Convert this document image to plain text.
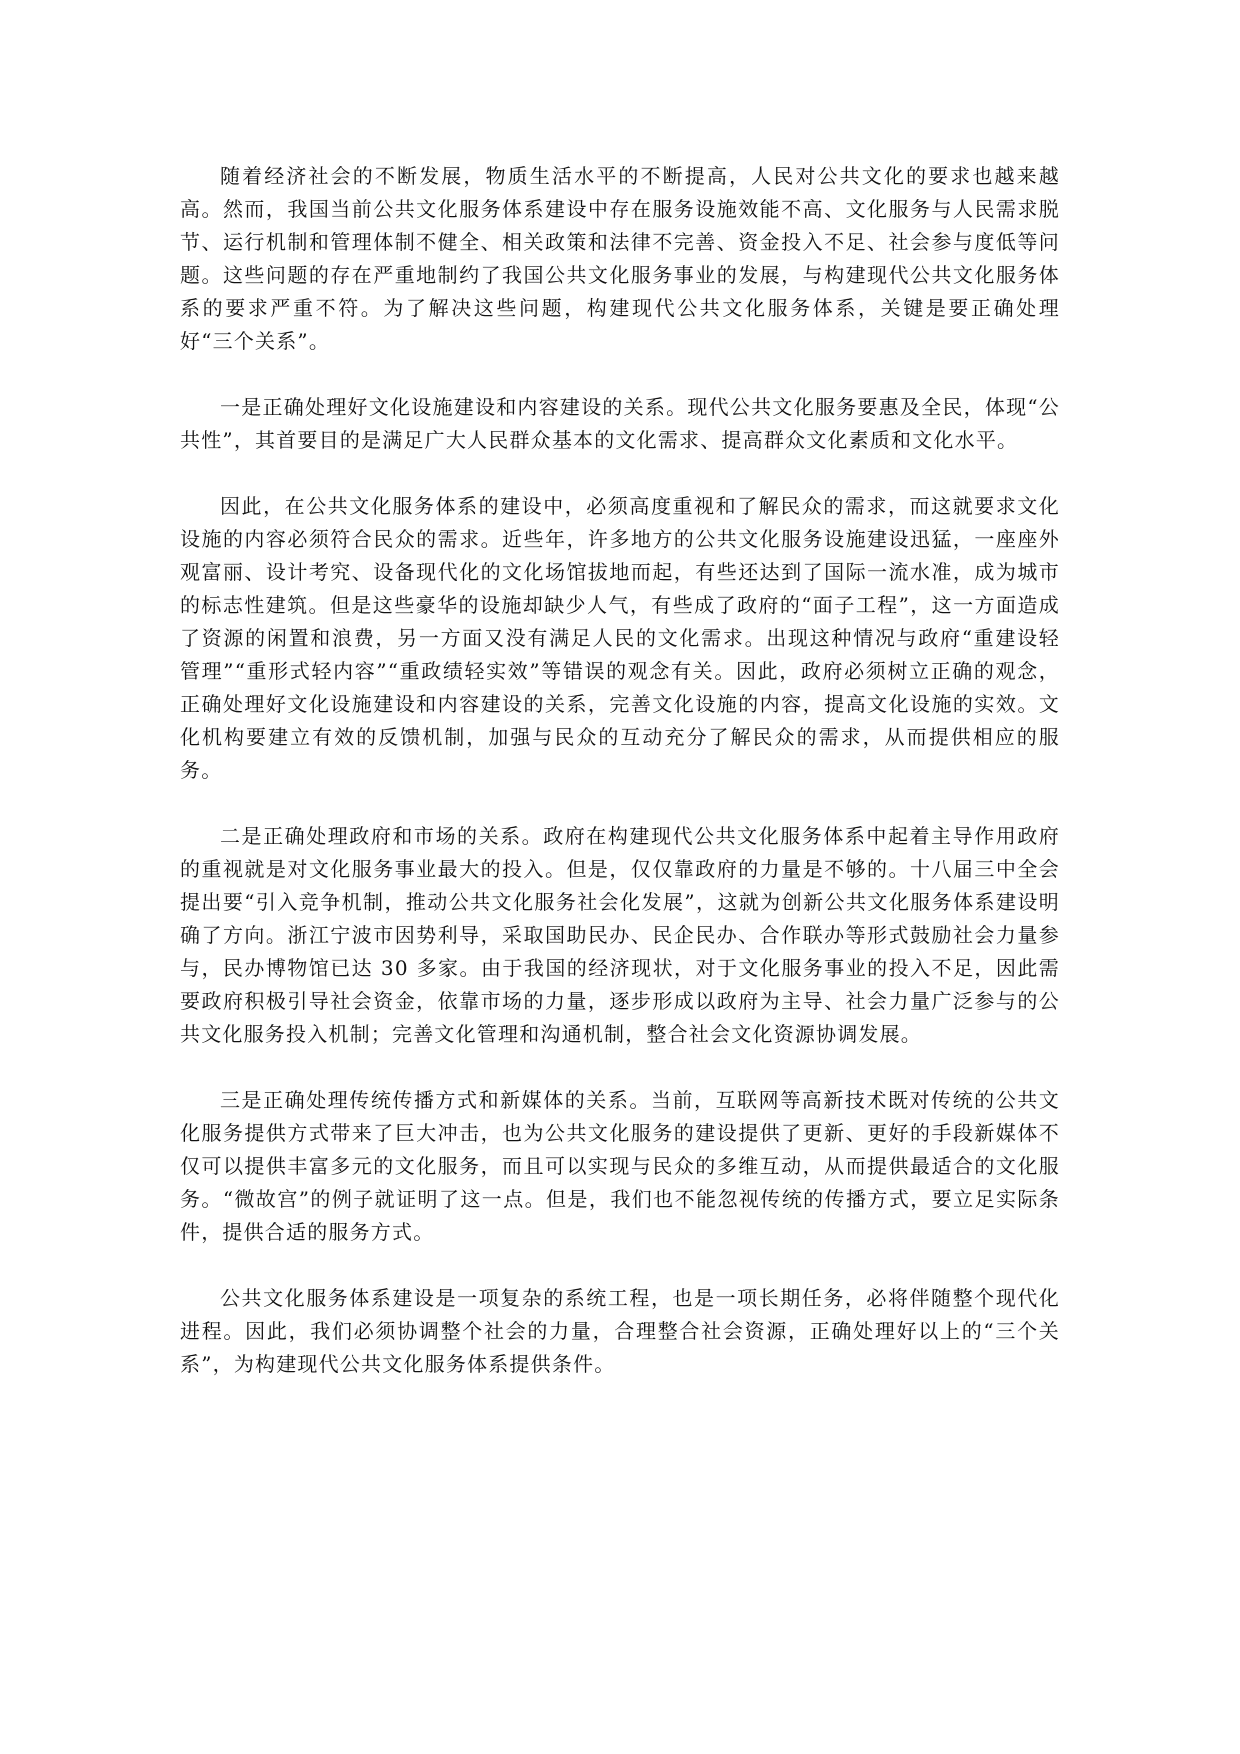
随着经济社会的不断发展，物质生活水平的不断提高，人民对公共文化的要求也越来越高。然而，我国当前公共文化服务体系建设中存在服务设施效能不高、文化服务与人民需求脱节、运行机制和管理体制不健全、相关政策和法律不完善、资金投入不足、社会参与度低等问题。这些问题的存在严重地制约了我国公共文化服务事业的发展，与构建现代公共文化服务体系的要求严重不符。为了解决这些问题，构建现代公共文化服务体系，关键是要正确处理好“三个关系”。

一是正确处理好文化设施建设和内容建设的关系。现代公共文化服务要惠及全民，体现“公共性”，其首要目的是满足广大人民群众基本的文化需求、提高群众文化素质和文化水平。

因此，在公共文化服务体系的建设中，必须高度重视和了解民众的需求，而这就要求文化设施的内容必须符合民众的需求。近些年，许多地方的公共文化服务设施建设迅猛，一座座外观富丽、设计考究、设备现代化的文化场馆拔地而起，有些还达到了国际一流水准，成为城市的标志性建筑。但是这些豪华的设施却缺少人气，有些成了政府的“面子工程”，这一方面造成了资源的闲置和浪费，另一方面又没有满足人民的文化需求。出现这种情况与政府“重建设轻管理”“重形式轻内容”“重政绩轻实效”等错误的观念有关。因此，政府必须树立正确的观念，正确处理好文化设施建设和内容建设的关系，完善文化设施的内容，提高文化设施的实效。文化机构要建立有效的反馈机制，加强与民众的互动充分了解民众的需求，从而提供相应的服务。

二是正确处理政府和市场的关系。政府在构建现代公共文化服务体系中起着主导作用政府的重视就是对文化服务事业最大的投入。但是，仅仅靠政府的力量是不够的。十八届三中全会提出要“引入竞争机制，推动公共文化服务社会化发展”，这就为创新公共文化服务体系建设明确了方向。浙江宁波市因势利导，采取国助民办、民企民办、合作联办等形式鼓励社会力量参与，民办博物馆已达 30 多家。由于我国的经济现状，对于文化服务事业的投入不足，因此需要政府积极引导社会资金，依靠市场的力量，逐步形成以政府为主导、社会力量广泛参与的公共文化服务投入机制；完善文化管理和沟通机制，整合社会文化资源协调发展。

三是正确处理传统传播方式和新媒体的关系。当前，互联网等高新技术既对传统的公共文化服务提供方式带来了巨大冲击，也为公共文化服务的建设提供了更新、更好的手段新媒体不仅可以提供丰富多元的文化服务，而且可以实现与民众的多维互动，从而提供最适合的文化服务。“微故宫”的例子就证明了这一点。但是，我们也不能忽视传统的传播方式，要立足实际条件，提供合适的服务方式。

公共文化服务体系建设是一项复杂的系统工程，也是一项长期任务，必将伴随整个现代化进程。因此，我们必须协调整个社会的力量，合理整合社会资源，正确处理好以上的“三个关系”，为构建现代公共文化服务体系提供条件。
